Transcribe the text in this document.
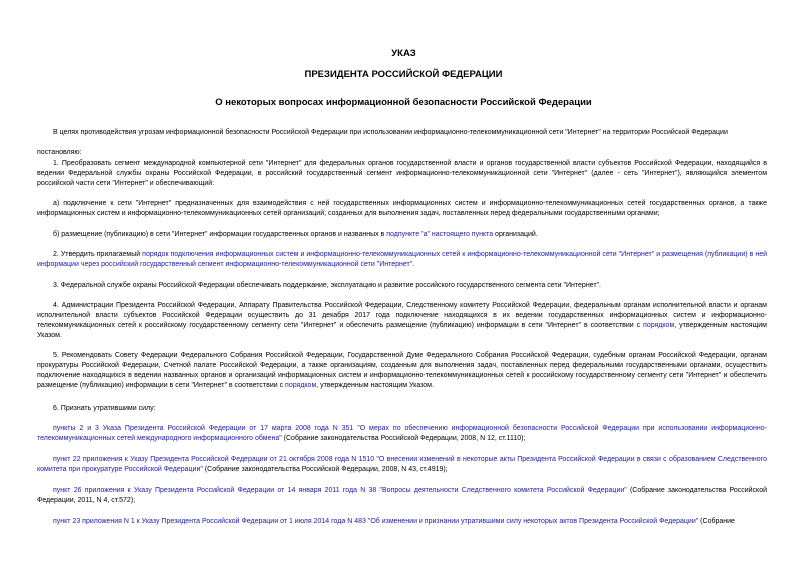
УКАЗ

ПРЕЗИДЕНТА РОССИЙСКОЙ ФЕДЕРАЦИИ

О некоторых вопросах информационной безопасности Российской Федерации

В целях противодействия угрозам информационной безопасности Российской Федерации при использовании информационно-телекоммуникационной сети "Интернет" на территории Российской Федерации

постановляю:

1. Преобразовать сегмент международной компьютерной сети "Интернет" для федеральных органов государственной власти и органов государственной власти субъектов Российской Федерации, находящийся в ведении Федеральной службы охраны Российской Федерации, в российский государственный сегмент информационно-телекоммуникационной сети "Интернет" (далее - сеть "Интернет"), являющийся элементом российской части сети "Интернет" и обеспечивающий:

а) подключение к сети "Интернет" предназначенных для взаимодействия с ней государственных информационных систем и информационно-телекоммуникационных сетей государственных органов, а также информационных систем и информационно-телекоммуникационных сетей организаций, созданных для выполнения задач, поставленных перед федеральными государственными органами;

б) размещение (публикацию) в сети "Интернет" информации государственных органов и названных в подпункте "а" настоящего пункта организаций.

2. Утвердить прилагаемый порядок подключения информационных систем и информационно-телекоммуникационных сетей к информационно-телекоммуникационной сети "Интернет" и размещения (публикации) в ней информации через российский государственный сегмент информационно-телекоммуникационной сети "Интернет".

3. Федеральной службе охраны Российской Федерации обеспечивать поддержание, эксплуатацию и развитие российского государственного сегмента сети "Интернет".

4. Администрации Президента Российской Федерации, Аппарату Правительства Российской Федерации, Следственному комитету Российской Федерации, федеральным органам исполнительной власти и органам исполнительной власти субъектов Российской Федерации осуществить до 31 декабря 2017 года подключение находящихся в их ведении государственных информационных систем и информационно-телекоммуникационных сетей к российскому государственному сегменту сети "Интернет" и обеспечить размещение (публикацию) информации в сети "Интернет" в соответствии с порядком, утвержденным настоящим Указом.

5. Рекомендовать Совету Федерации Федерального Собрания Российской Федерации, Государственной Думе Федерального Собрания Российской Федерации, судебным органам Российской Федерации, органам прокуратуры Российской Федерации, Счетной палате Российской Федерации, а также организациям, созданным для выполнения задач, поставленных перед федеральными государственными органами, осуществить подключение находящихся в ведении названных органов и организаций информационных систем и информационно-телекоммуникационных сетей к российскому государственному сегменту сети "Интернет" и обеспечить размещение (публикацию) информации в сети "Интернет" в соответствии с порядком, утвержденным настоящим Указом.

6. Признать утратившими силу:

пункты 2 и 3 Указа Президента Российской Федерации от 17 марта 2008 года N 351 "О мерах по обеспечению информационной безопасности Российской Федерации при использовании информационно-телекоммуникационных сетей международного информационного обмена" (Собрание законодательства Российской Федерации, 2008, N 12, ст.1110);

пункт 22 приложения к Указу Президента Российской Федерации от 21 октября 2008 года N 1510 "О внесении изменений в некоторые акты Президента Российской Федерации в связи с образованием Следственного комитета при прокуратуре Российской Федерации" (Собрание законодательства Российской Федерации, 2008, N 43, ст.4919);

пункт 26 приложения к Указу Президента Российской Федерации от 14 января 2011 года N 38 "Вопросы деятельности Следственного комитета Российской Федерации" (Собрание законодательства Российской Федерации, 2011, N 4, ст.572);

пункт 23 приложения N 1 к Указу Президента Российской Федерации от 1 июля 2014 года N 483 "Об изменении и признании утратившими силу некоторых актов Президента Российской Федерации" (Собрание
